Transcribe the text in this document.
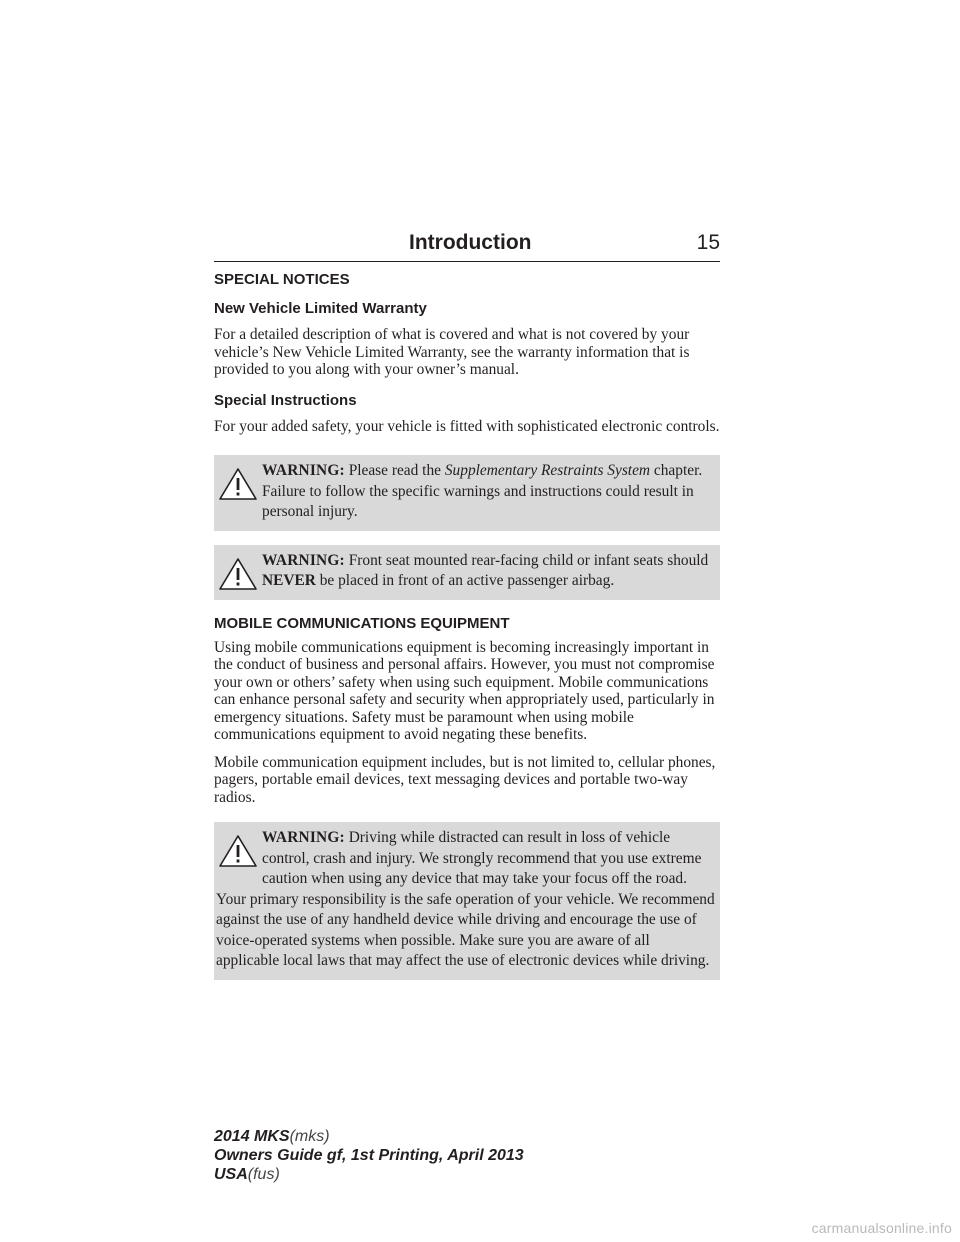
Introduction	15
SPECIAL NOTICES
New Vehicle Limited Warranty

For a detailed description of what is covered and what is not covered by your vehicle’s New Vehicle Limited Warranty, see the warranty information that is provided to you along with your owner’s manual.

Special Instructions

For your added safety, your vehicle is fitted with sophisticated electronic controls.

WARNING: Please read the Supplementary Restraints System chapter. Failure to follow the specific warnings and instructions could result in personal injury.
WARNING: Front seat mounted rear-facing child or infant seats should NEVER be placed in front of an active passenger airbag.
MOBILE COMMUNICATIONS EQUIPMENT

Using mobile communications equipment is becoming increasingly important in the conduct of business and personal affairs. However, you must not compromise your own or others’ safety when using such equipment. Mobile communications can enhance personal safety and security when appropriately used, particularly in emergency situations. Safety must be paramount when using mobile communications equipment to avoid negating these benefits.

Mobile communication equipment includes, but is not limited to, cellular phones, pagers, portable email devices, text messaging devices and portable two-way radios.

WARNING: Driving while distracted can result in loss of vehicle control, crash and injury. We strongly recommend that you use extreme caution when using any device that may take your focus off the road. Your primary responsibility is the safe operation of your vehicle. We recommend against the use of any handheld device while driving and encourage the use of voice-operated systems when possible. Make sure you are aware of all applicable local laws that may affect the use of electronic devices while driving.
2014 MKS(mks)
Owners Guide gf, 1st Printing, April 2013
USA(fus)
carmanualsonline.info
